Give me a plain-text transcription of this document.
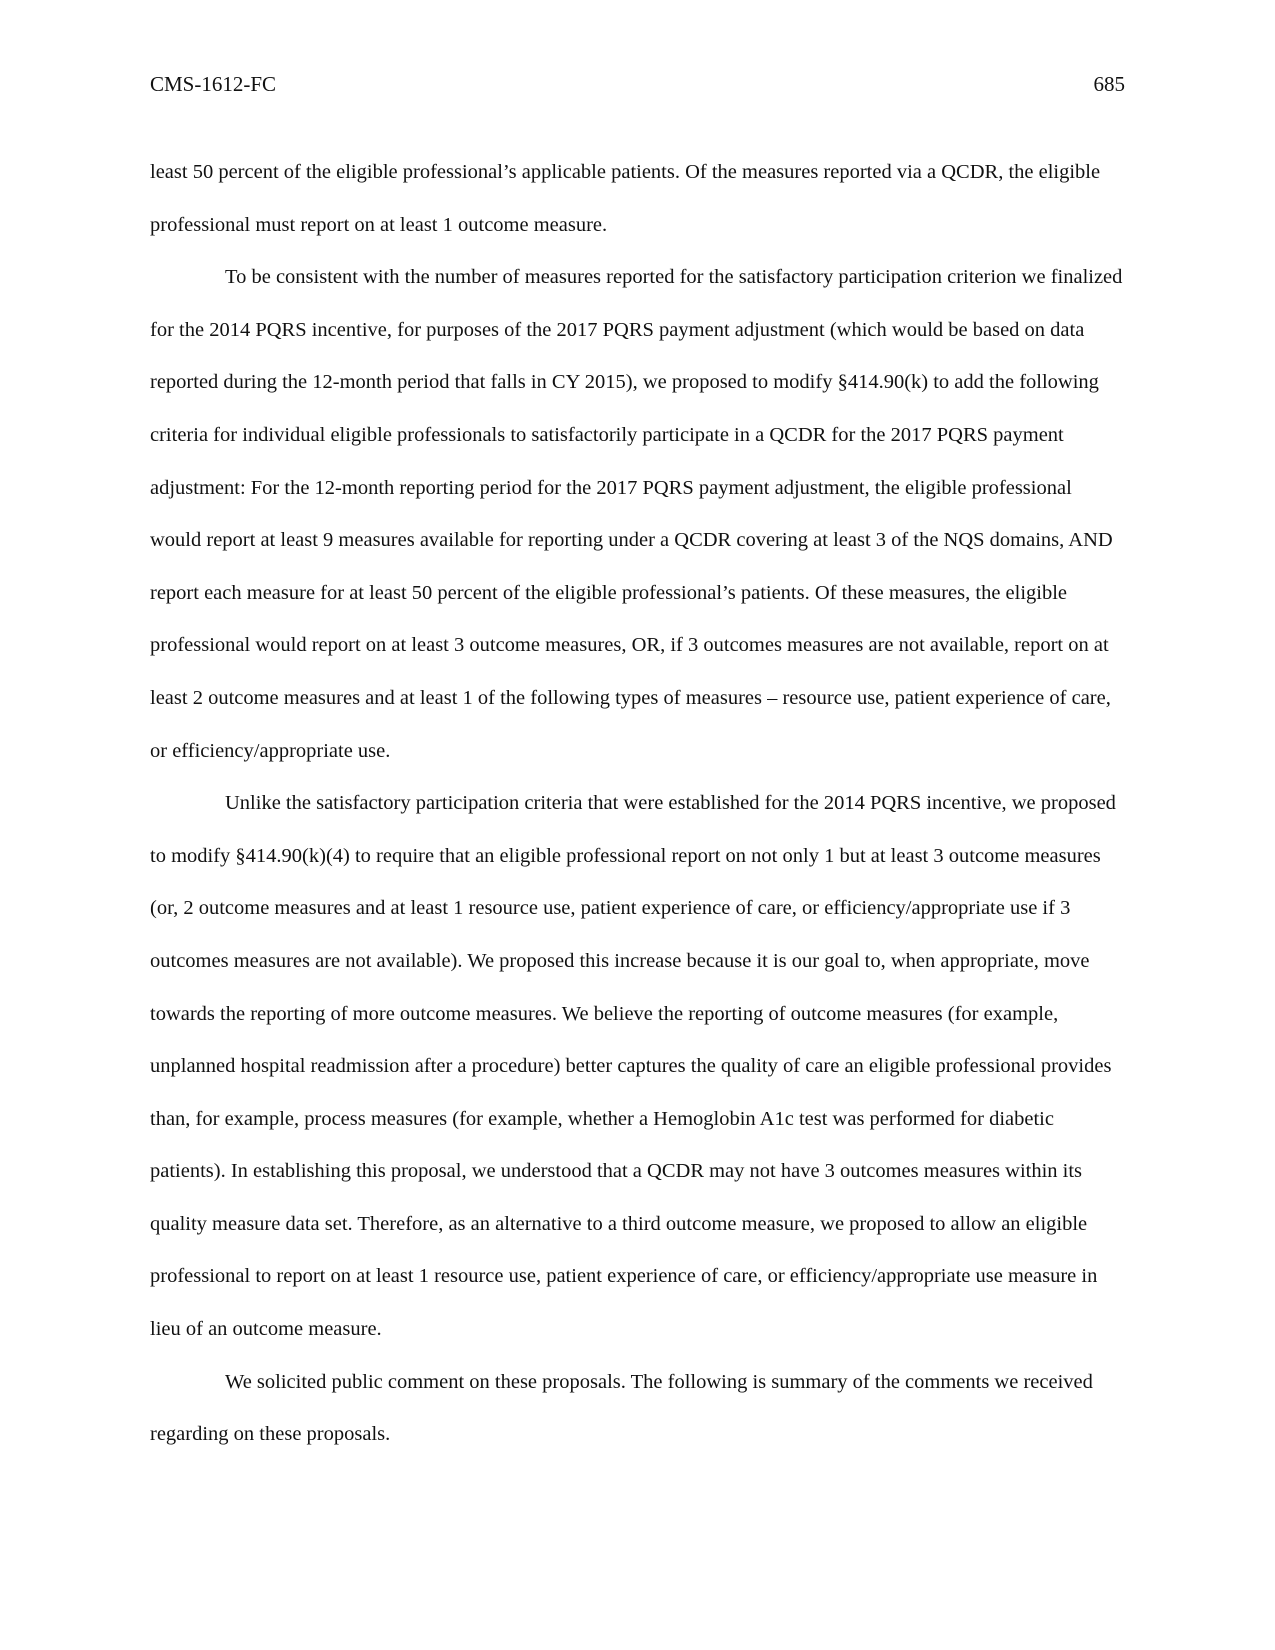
CMS-1612-FC	685

least 50 percent of the eligible professional’s applicable patients. Of the measures reported via a QCDR, the eligible professional must report on at least 1 outcome measure.

To be consistent with the number of measures reported for the satisfactory participation criterion we finalized for the 2014 PQRS incentive, for purposes of the 2017 PQRS payment adjustment (which would be based on data reported during the 12-month period that falls in CY 2015), we proposed to modify §414.90(k) to add the following criteria for individual eligible professionals to satisfactorily participate in a QCDR for the 2017 PQRS payment adjustment: For the 12-month reporting period for the 2017 PQRS payment adjustment, the eligible professional would report at least 9 measures available for reporting under a QCDR covering at least 3 of the NQS domains, AND report each measure for at least 50 percent of the eligible professional’s patients. Of these measures, the eligible professional would report on at least 3 outcome measures, OR, if 3 outcomes measures are not available, report on at least 2 outcome measures and at least 1 of the following types of measures – resource use, patient experience of care, or efficiency/appropriate use.

Unlike the satisfactory participation criteria that were established for the 2014 PQRS incentive, we proposed to modify §414.90(k)(4) to require that an eligible professional report on not only 1 but at least 3 outcome measures (or, 2 outcome measures and at least 1 resource use, patient experience of care, or efficiency/appropriate use if 3 outcomes measures are not available). We proposed this increase because it is our goal to, when appropriate, move towards the reporting of more outcome measures. We believe the reporting of outcome measures (for example, unplanned hospital readmission after a procedure) better captures the quality of care an eligible professional provides than, for example, process measures (for example, whether a Hemoglobin A1c test was performed for diabetic patients). In establishing this proposal, we understood that a QCDR may not have 3 outcomes measures within its quality measure data set. Therefore, as an alternative to a third outcome measure, we proposed to allow an eligible professional to report on at least 1 resource use, patient experience of care, or efficiency/appropriate use measure in lieu of an outcome measure.

We solicited public comment on these proposals. The following is summary of the comments we received regarding on these proposals.
